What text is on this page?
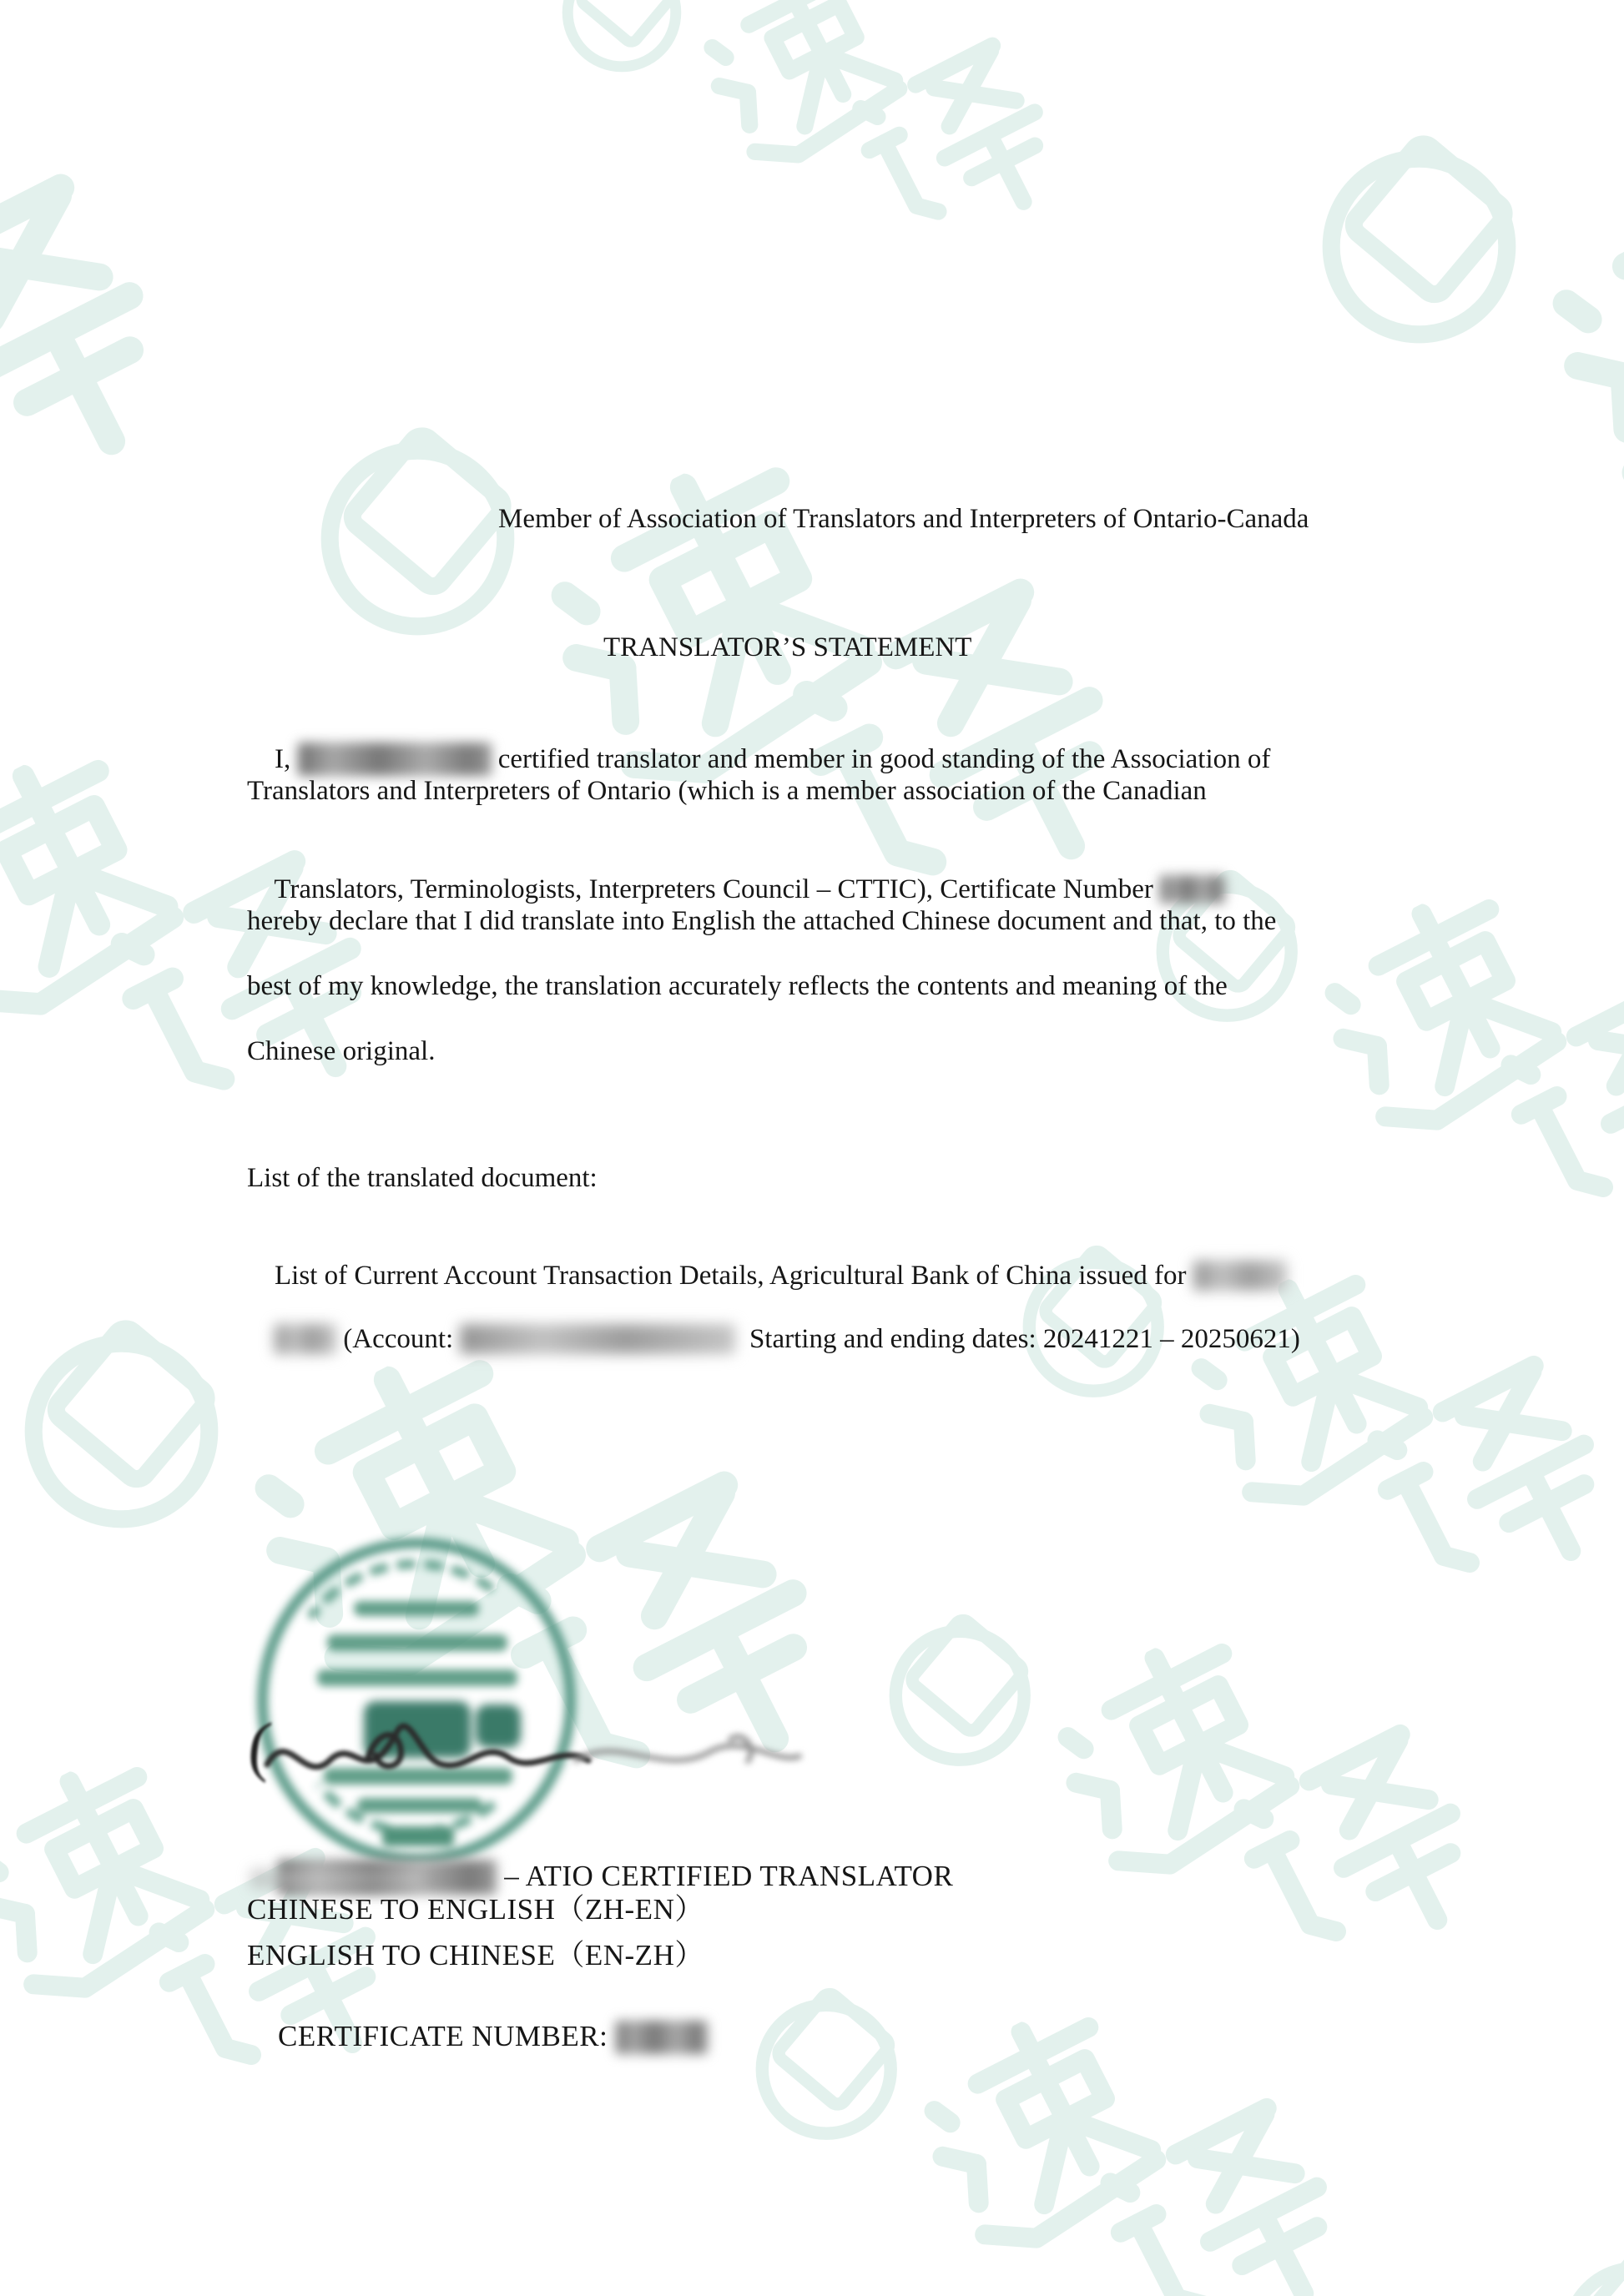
Member of Association of Translators and Interpreters of Ontario-Canada
TRANSLATOR’S STATEMENT

I,	certified translator and member in good standing of the Association of

Translators and Interpreters of Ontario (which is a member association of the Canadian

Translators, Terminologists, Interpreters Council – CTTIC), Certificate Number

hereby declare that I did translate into English the attached Chinese document and that, to the
best of my knowledge, the translation accurately reflects the contents and meaning of the
Chinese original.
List of the translated document:

List of Current Account Transaction Details, Agricultural Bank of China issued for

(Account:	Starting and ending dates: 20241221 – 20250621)

(

– ATIO CERTIFIED TRANSLATOR

CHINESE TO ENGLISH（ZH-EN）
ENGLISH TO CHINESE（EN-ZH）

CERTIFICATE NUMBER:
